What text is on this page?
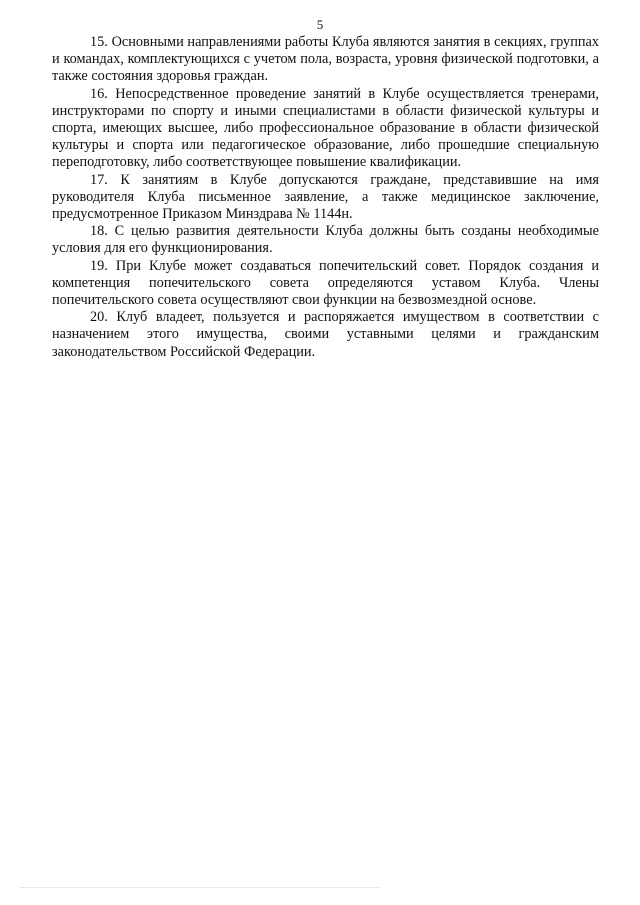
5

15. Основными направлениями работы Клуба являются занятия в секциях, группах и командах, комплектующихся с учетом пола, возраста, уровня физической подготовки, а также состояния здоровья граждан.

16. Непосредственное проведение занятий в Клубе осуществляется тренерами, инструкторами по спорту и иными специалистами в области физической культуры и спорта, имеющих высшее, либо профессиональное образование в области физической культуры и спорта или педагогическое образование, либо прошедшие специальную переподготовку, либо соответствующее повышение квалификации.

17. К занятиям в Клубе допускаются граждане, представившие на имя руководителя Клуба письменное заявление, а также медицинское заключение, предусмотренное Приказом Минздрава № 1144н.

18. С целью развития деятельности Клуба должны быть созданы необходимые условия для его функционирования.

19. При Клубе может создаваться попечительский совет. Порядок создания и компетенция попечительского совета определяются уставом Клуба. Члены попечительского совета осуществляют свои функции на безвозмездной основе.

20. Клуб владеет, пользуется и распоряжается имуществом в соответствии с назначением этого имущества, своими уставными целями и гражданским законодательством Российской Федерации.
